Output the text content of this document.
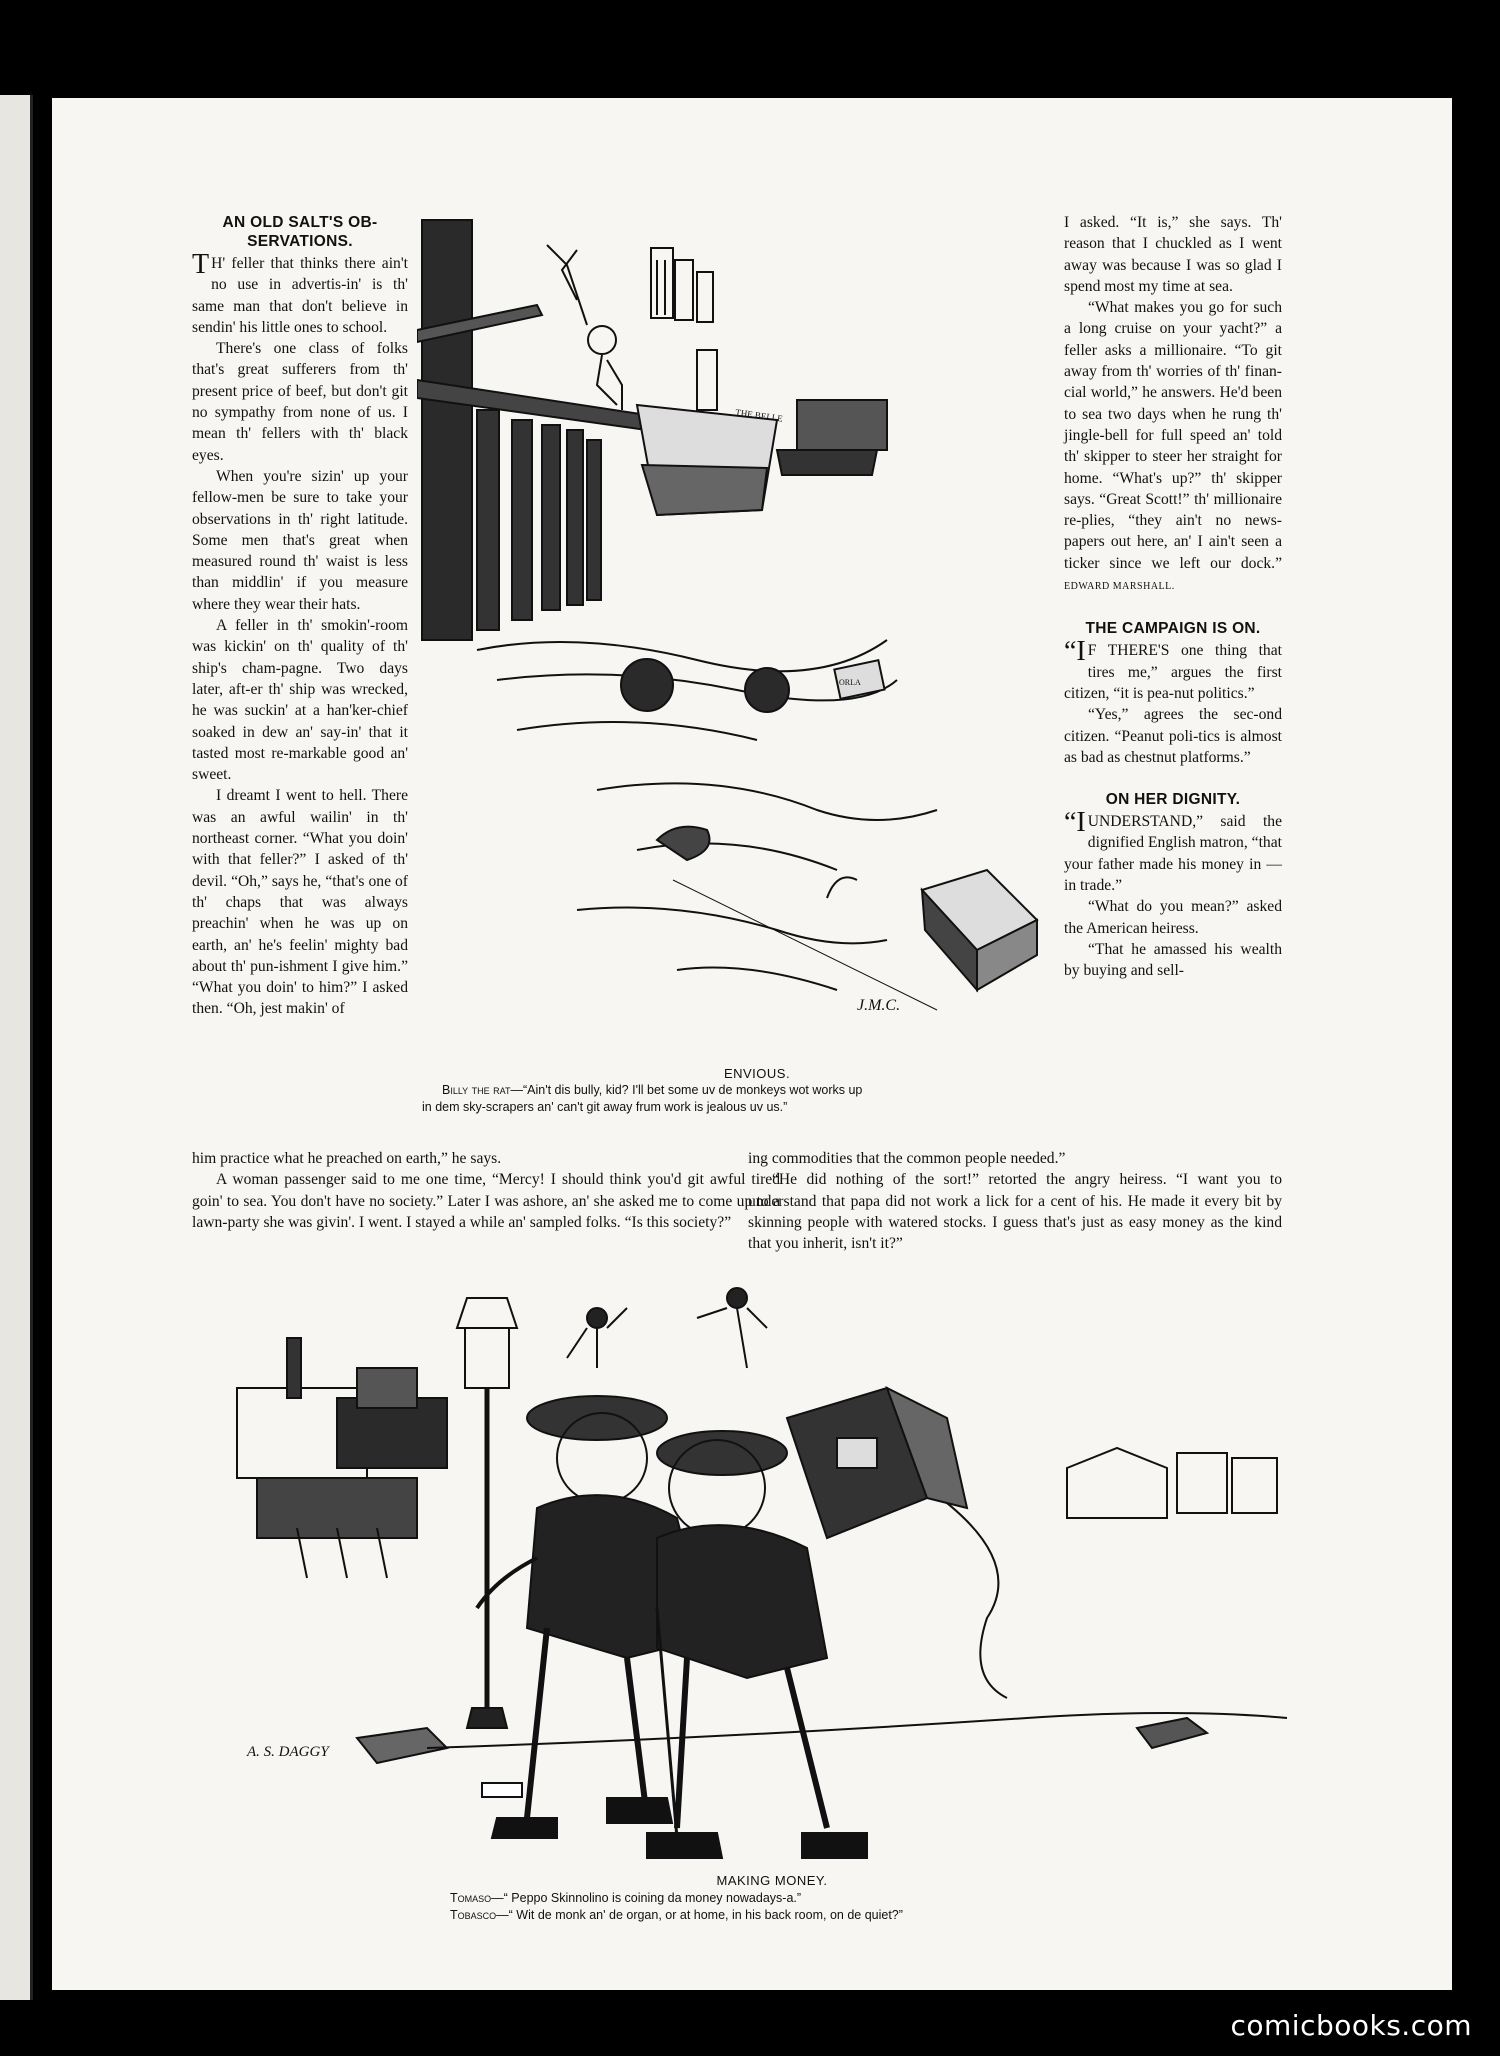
AN OLD SALT'S OB-
SERVATIONS.

T H' feller that thinks there ain't no use in advertis-in' is th' same man that don't believe in sendin' his little ones to school.

There's one class of folks that's great sufferers from th' present price of beef, but don't git no sympathy from none of us. I mean th' fellers with th' black eyes.

When you're sizin' up your fellow-men be sure to take your observations in th' right latitude. Some men that's great when measured round th' waist is less than middlin' if you measure where they wear their hats.

A feller in th' smokin'-room was kickin' on th' quality of th' ship's cham-pagne. Two days later, aft-er th' ship was wrecked, he was suckin' at a han'ker-chief soaked in dew an' say-in' that it tasted most re-markable good an' sweet.

I dreamt I went to hell. There was an awful wailin' in th' northeast corner. “What you doin' with that feller?” I asked of th' devil. “Oh,” says he, “that's one of th' chaps that was always preachin' when he was up on earth, an' he's feelin' mighty bad about th' pun-ishment I give him.” “What you doin' to him?” I asked then. “Oh, jest makin' of

THE BELLE
ORLA
J.M.C.
ENVIOUS.
Billy the rat—“Ain't dis bully, kid? I'll bet some uv de monkeys wot works up
in dem sky-scrapers an' can't git away frum work is jealous uv us.”

I asked. “It is,” she says. Th' reason that I chuckled as I went away was because I was so glad I spend most my time at sea.

“What makes you go for such a long cruise on your yacht?” a feller asks a millionaire. “To git away from th' worries of th' finan-cial world,” he answers. He'd been to sea two days when he rung th' jingle-bell for full speed an' told th' skipper to steer her straight for home. “What's up?” th' skipper says. “Great Scott!” th' millionaire re-plies, “they ain't no news-papers out here, an' I ain't seen a ticker since we left our dock.” EDWARD MARSHALL.

THE CAMPAIGN IS ON.

“I F THERE'S one thing that tires me,” argues the first citizen, “it is pea-nut politics.”

“Yes,” agrees the sec-ond citizen. “Peanut poli-tics is almost as bad as chestnut platforms.”

ON HER DIGNITY.

“I UNDERSTAND,” said the dignified English matron, “that your father made his money in — in trade.”

“What do you mean?” asked the American heiress.

“That he amassed his wealth by buying and sell-

him practice what he preached on earth,” he says.

A woman passenger said to me one time, “Mercy! I should think you'd git awful tired goin' to sea. You don't have no society.” Later I was ashore, an' she asked me to come up to a lawn-party she was givin'. I went. I stayed a while an' sampled folks. “Is this society?”

ing commodities that the common people needed.”

“He did nothing of the sort!” retorted the angry heiress. “I want you to understand that papa did not work a lick for a cent of his. He made it every bit by skinning people with watered stocks. I guess that's just as easy money as the kind that you inherit, isn't it?”

A. S. DAGGY
MAKING MONEY.
Tomaso—“ Peppo Skinnolino is coining da money nowadays-a.”
Tobasco—“ Wit de monk an' de organ, or at home, in his back room, on de quiet?”
comicbooks.com
